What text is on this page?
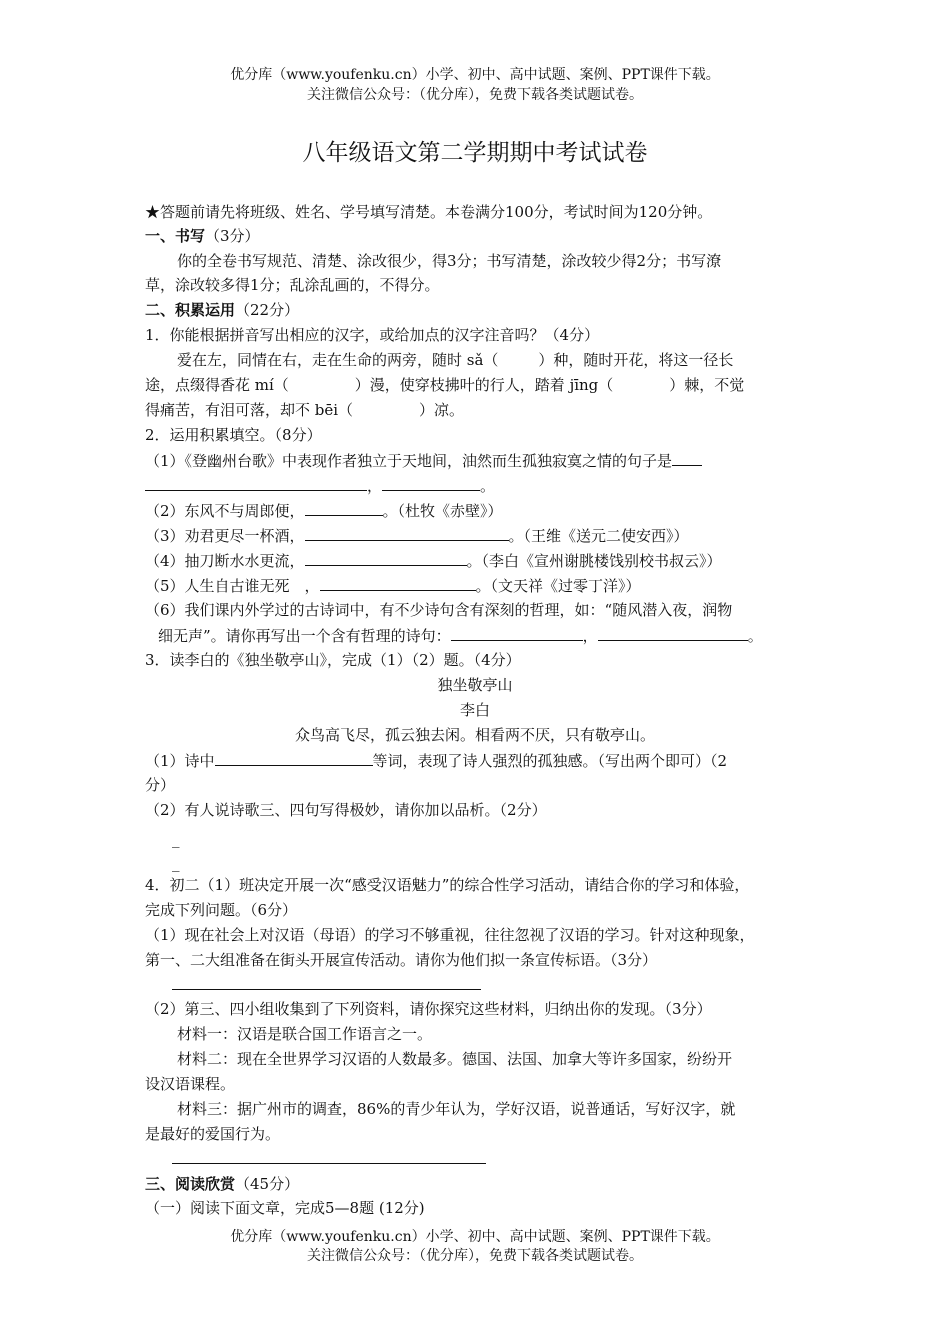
优分库（www.youfenku.cn）小学、初中、高中试题、案例、PPT课件下载。
关注微信公众号：（优分库），免费下载各类试题试卷。
八年级语文第二学期期中考试试卷
★答题前请先将班级、姓名、学号填写清楚。本卷满分100分，考试时间为120分钟。
一、书写（3分）
你的全卷书写规范、清楚、涂改很少，得3分；书写清楚，涂改较少得2分；书写潦
草，涂改较多得1分；乱涂乱画的，不得分。
二、积累运用（22分）
1．你能根据拼音写出相应的汉字，或给加点的汉字注音吗？（4分）
爱在左，同情在右，走在生命的两旁，随时 sǎ（	）种，随时开花，将这一径长
途，点缀得香花 mí（	）漫，使穿枝拂叶的行人，踏着 jīng（	）棘，不觉
得痛苦，有泪可落，却不 bēi（	）凉。
2．运用积累填空。（8分）
（1）《登幽州台歌》中表现作者独立于天地间，油然而生孤独寂寞之情的句子是
，	。
（2）东风不与周郎便，	。（杜牧《赤壁》）
（3）劝君更尽一杯酒，	。（王维《送元二使安西》）
（4）抽刀断水水更流，	。（李白《宣州谢朓楼饯别校书叔云》）
（5）人生自古谁无死　，	。（文天祥《过零丁洋》）
（6）我们课内外学过的古诗词中，有不少诗句含有深刻的哲理，如：“随风潜入夜，润物
细无声”。请你再写出一个含有哲理的诗句：	，	。
3．读李白的《独坐敬亭山》，完成（1）（2）题。（4分）
独坐敬亭山
李白
众鸟高飞尽，孤云独去闲。相看两不厌，只有敬亭山。
（1）诗中	等词，表现了诗人强烈的孤独感。（写出两个即可）（2
分）
（2）有人说诗歌三、四句写得极妙，请你加以品析。（2分）
_
_
4．初二（1）班决定开展一次“感受汉语魅力”的综合性学习活动，请结合你的学习和体验，
完成下列问题。（6分）
（1）现在社会上对汉语（母语）的学习不够重视，往往忽视了汉语的学习。针对这种现象，
第一、二大组准备在街头开展宣传活动。请你为他们拟一条宣传标语。（3分）
（2）第三、四小组收集到了下列资料，请你探究这些材料，归纳出你的发现。（3分）
材料一：汉语是联合国工作语言之一。
材料二：现在全世界学习汉语的人数最多。德国、法国、加拿大等许多国家，纷纷开
设汉语课程。
材料三：据广州市的调查，86%的青少年认为，学好汉语，说普通话，写好汉字，就
是最好的爱国行为。
三、阅读欣赏（45分）
（一）阅读下面文章，完成5—8题 (12分)
优分库（www.youfenku.cn）小学、初中、高中试题、案例、PPT课件下载。
关注微信公众号：（优分库），免费下载各类试题试卷。
